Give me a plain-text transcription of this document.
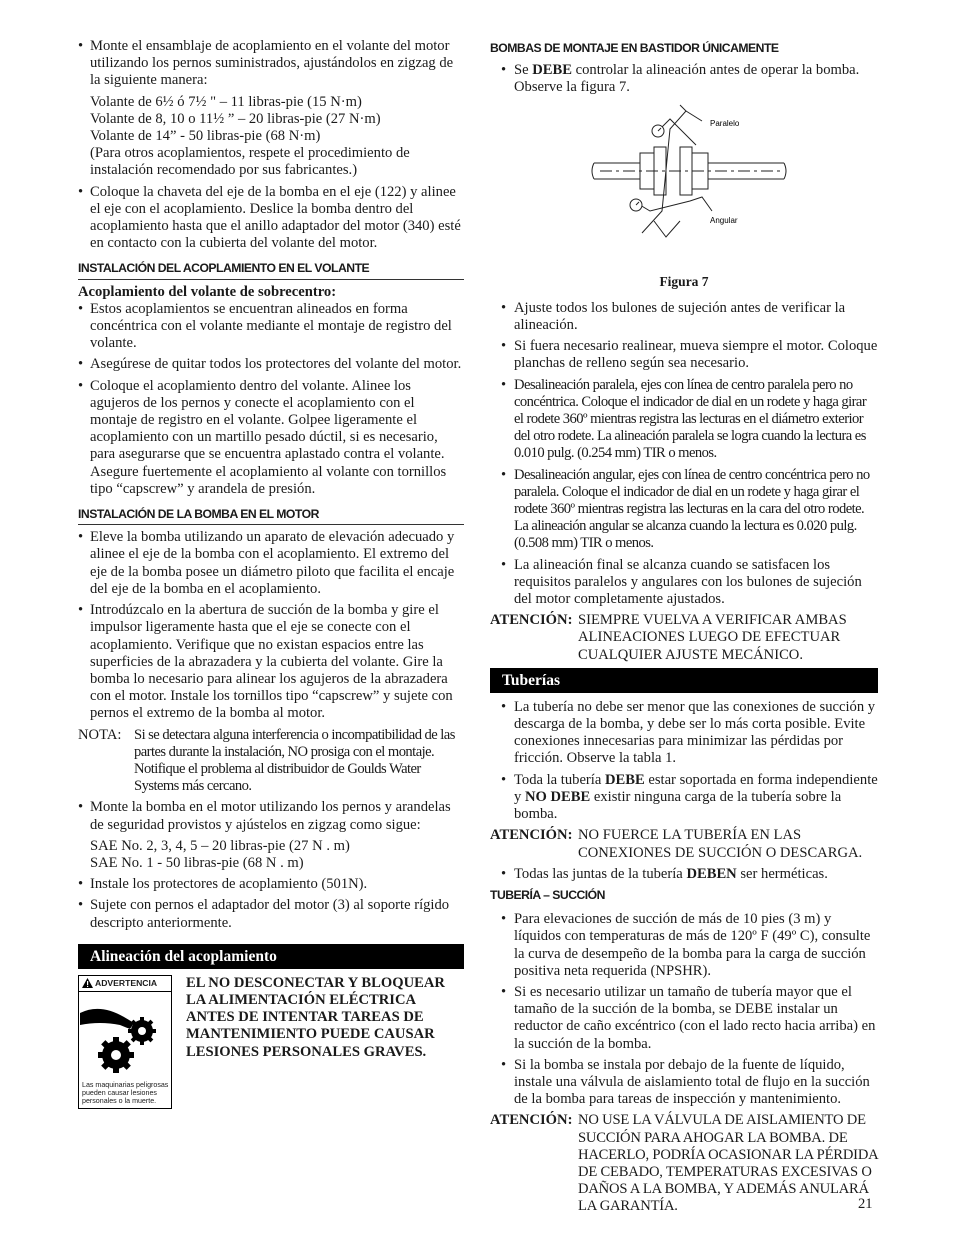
• Monte el ensamblaje de acoplamiento en el volante del motor utilizando los pernos suministrados, ajustándolos en zigzag de la siguiente manera:

Volante de 6½ ó 7½ " – 11 libras-pie (15 N·m)

Volante de 8, 10 o 11½ ” – 20 libras-pie (27 N·m)

Volante de 14” - 50 libras-pie (68 N·m)

(Para otros acoplamientos, respete el procedimiento de instalación recomendado por sus fabricantes.)

• Coloque la chaveta del eje de la bomba en el eje (122) y alinee el eje con el acoplamiento. Deslice la bomba dentro del acoplamiento hasta que el anillo adaptador del motor (340) esté en contacto con la cubierta del volante del motor.
INSTALACIÓN DEL ACOPLAMIENTO EN EL VOLANTE

Acoplamiento del volante de sobrecentro:

• Estos acoplamientos se encuentran alineados en forma concéntrica con el volante mediante el montaje de registro del volante.
• Asegúrese de quitar todos los protectores del volante del motor.
• Coloque el acoplamiento dentro del volante. Alinee los agujeros de los pernos y conecte el acoplamiento con el montaje de registro en el volante. Golpee ligeramente el acoplamiento con un martillo pesado dúctil, si es necesario, para asegurarse que se encuentra aplastado contra el volante. Asegure fuertemente el acoplamiento al volante con tornillos tipo “capscrew” y arandela de presión.
INSTALACIÓN DE LA BOMBA EN EL MOTOR
• Eleve la bomba utilizando un aparato de elevación adecuado y alinee el eje de la bomba con el acoplamiento. El extremo del eje de la bomba posee un diámetro piloto que facilita el encaje del eje de la bomba en el acoplamiento.
• Introdúzcalo en la abertura de succión de la bomba y gire el impulsor ligeramente hasta que el eje se conecte con el acoplamiento. Verifique que no existan espacios entre las superficies de la abrazadera y la cubierta del volante. Gire la bomba lo necesario para alinear los agujeros de la abrazadera con el motor. Instale los tornillos tipo “capscrew” y sujete con pernos el extremo de la bomba al motor.
NOTA: Si se detectara alguna interferencia o incompatibilidad de las partes durante la instalación, NO prosiga con el montaje. Notifique el problema al distribuidor de Goulds Water Systems más cercano.
• Monte la bomba en el motor utilizando los pernos y arandelas de seguridad provistos y ajústelos en zigzag como sigue:

SAE No. 2, 3, 4, 5 – 20 libras-pie (27 N . m)

SAE No. 1 - 50 libras-pie (68 N . m)

• Instale los protectores de acoplamiento (501N).
• Sujete con pernos el adaptador del motor (3) al soporte rígido descripto anteriormente.
Alineación del acoplamiento
ADVERTENCIA
Las maquinarias peligrosas pueden causar lesiones personales o la muerte.
EL NO DESCONECTAR Y BLOQUEAR LA ALIMENTACIÓN ELÉCTRICA ANTES DE INTENTAR TAREAS DE MANTENIMIENTO PUEDE CAUSAR LESIONES PERSONALES GRAVES.
BOMBAS DE MONTAJE EN BASTIDOR ÚNICAMENTE
• Se DEBE controlar la alineación antes de operar la bomba. Observe la figura 7.
Paralelo
Angular
Figura 7
• Ajuste todos los bulones de sujeción antes de verificar la alineación.
• Si fuera necesario realinear, mueva siempre el motor. Coloque planchas de relleno según sea necesario.
• Desalineación paralela, ejes con línea de centro paralela pero no concéntrica. Coloque el indicador de dial en un rodete y haga girar el rodete 360º mientras registra las lecturas en el diámetro exterior del otro rodete. La alineación paralela se logra cuando la lectura es 0.010 pulg. (0.254 mm) TIR o menos.
• Desalineación angular, ejes con línea de centro concéntrica pero no paralela. Coloque el indicador de dial en un rodete y haga girar el rodete 360º mientras registra las lecturas en la cara del otro rodete. La alineación angular se alcanza cuando la lectura es 0.020 pulg. (0.508 mm) TIR o menos.
• La alineación final se alcanza cuando se satisfacen los requisitos paralelos y angulares con los bulones de sujeción del motor completamente ajustados.
ATENCIÓN: SIEMPRE VUELVA A VERIFICAR AMBAS ALINEACIONES LUEGO DE EFECTUAR CUALQUIER AJUSTE MECÁNICO.
Tuberías
• La tubería no debe ser menor que las conexiones de succión y descarga de la bomba, y debe ser lo más corta posible. Evite conexiones innecesarias para minimizar las pérdidas por fricción. Observe la tabla 1.
• Toda la tubería DEBE estar soportada en forma independiente y NO DEBE existir ninguna carga de la tubería sobre la bomba.
ATENCIÓN: NO FUERCE LA TUBERÍA EN LAS CONEXIONES DE SUCCIÓN O DESCARGA.
• Todas las juntas de la tubería DEBEN ser herméticas.
TUBERÍA – SUCCIÓN
• Para elevaciones de succión de más de 10 pies (3 m) y líquidos con temperaturas de más de 120º F (49º C), consulte la curva de desempeño de la bomba para la carga de succión positiva neta requerida (NPSHR).
• Si es necesario utilizar un tamaño de tubería mayor que el tamaño de la succión de la bomba, se DEBE instalar un reductor de caño excéntrico (con el lado recto hacia arriba) en la succión de la bomba.
• Si la bomba se instala por debajo de la fuente de líquido, instale una válvula de aislamiento total de flujo en la succión de la bomba para tareas de inspección y mantenimiento.
ATENCIÓN: NO USE LA VÁLVULA DE AISLAMIENTO DE SUCCIÓN PARA AHOGAR LA BOMBA. DE HACERLO, PODRÍA OCASIONAR LA PÉRDIDA DE CEBADO, TEMPERATURAS EXCESIVAS O DAÑOS A LA BOMBA, Y ADEMÁS ANULARÁ LA GARANTÍA.	21
